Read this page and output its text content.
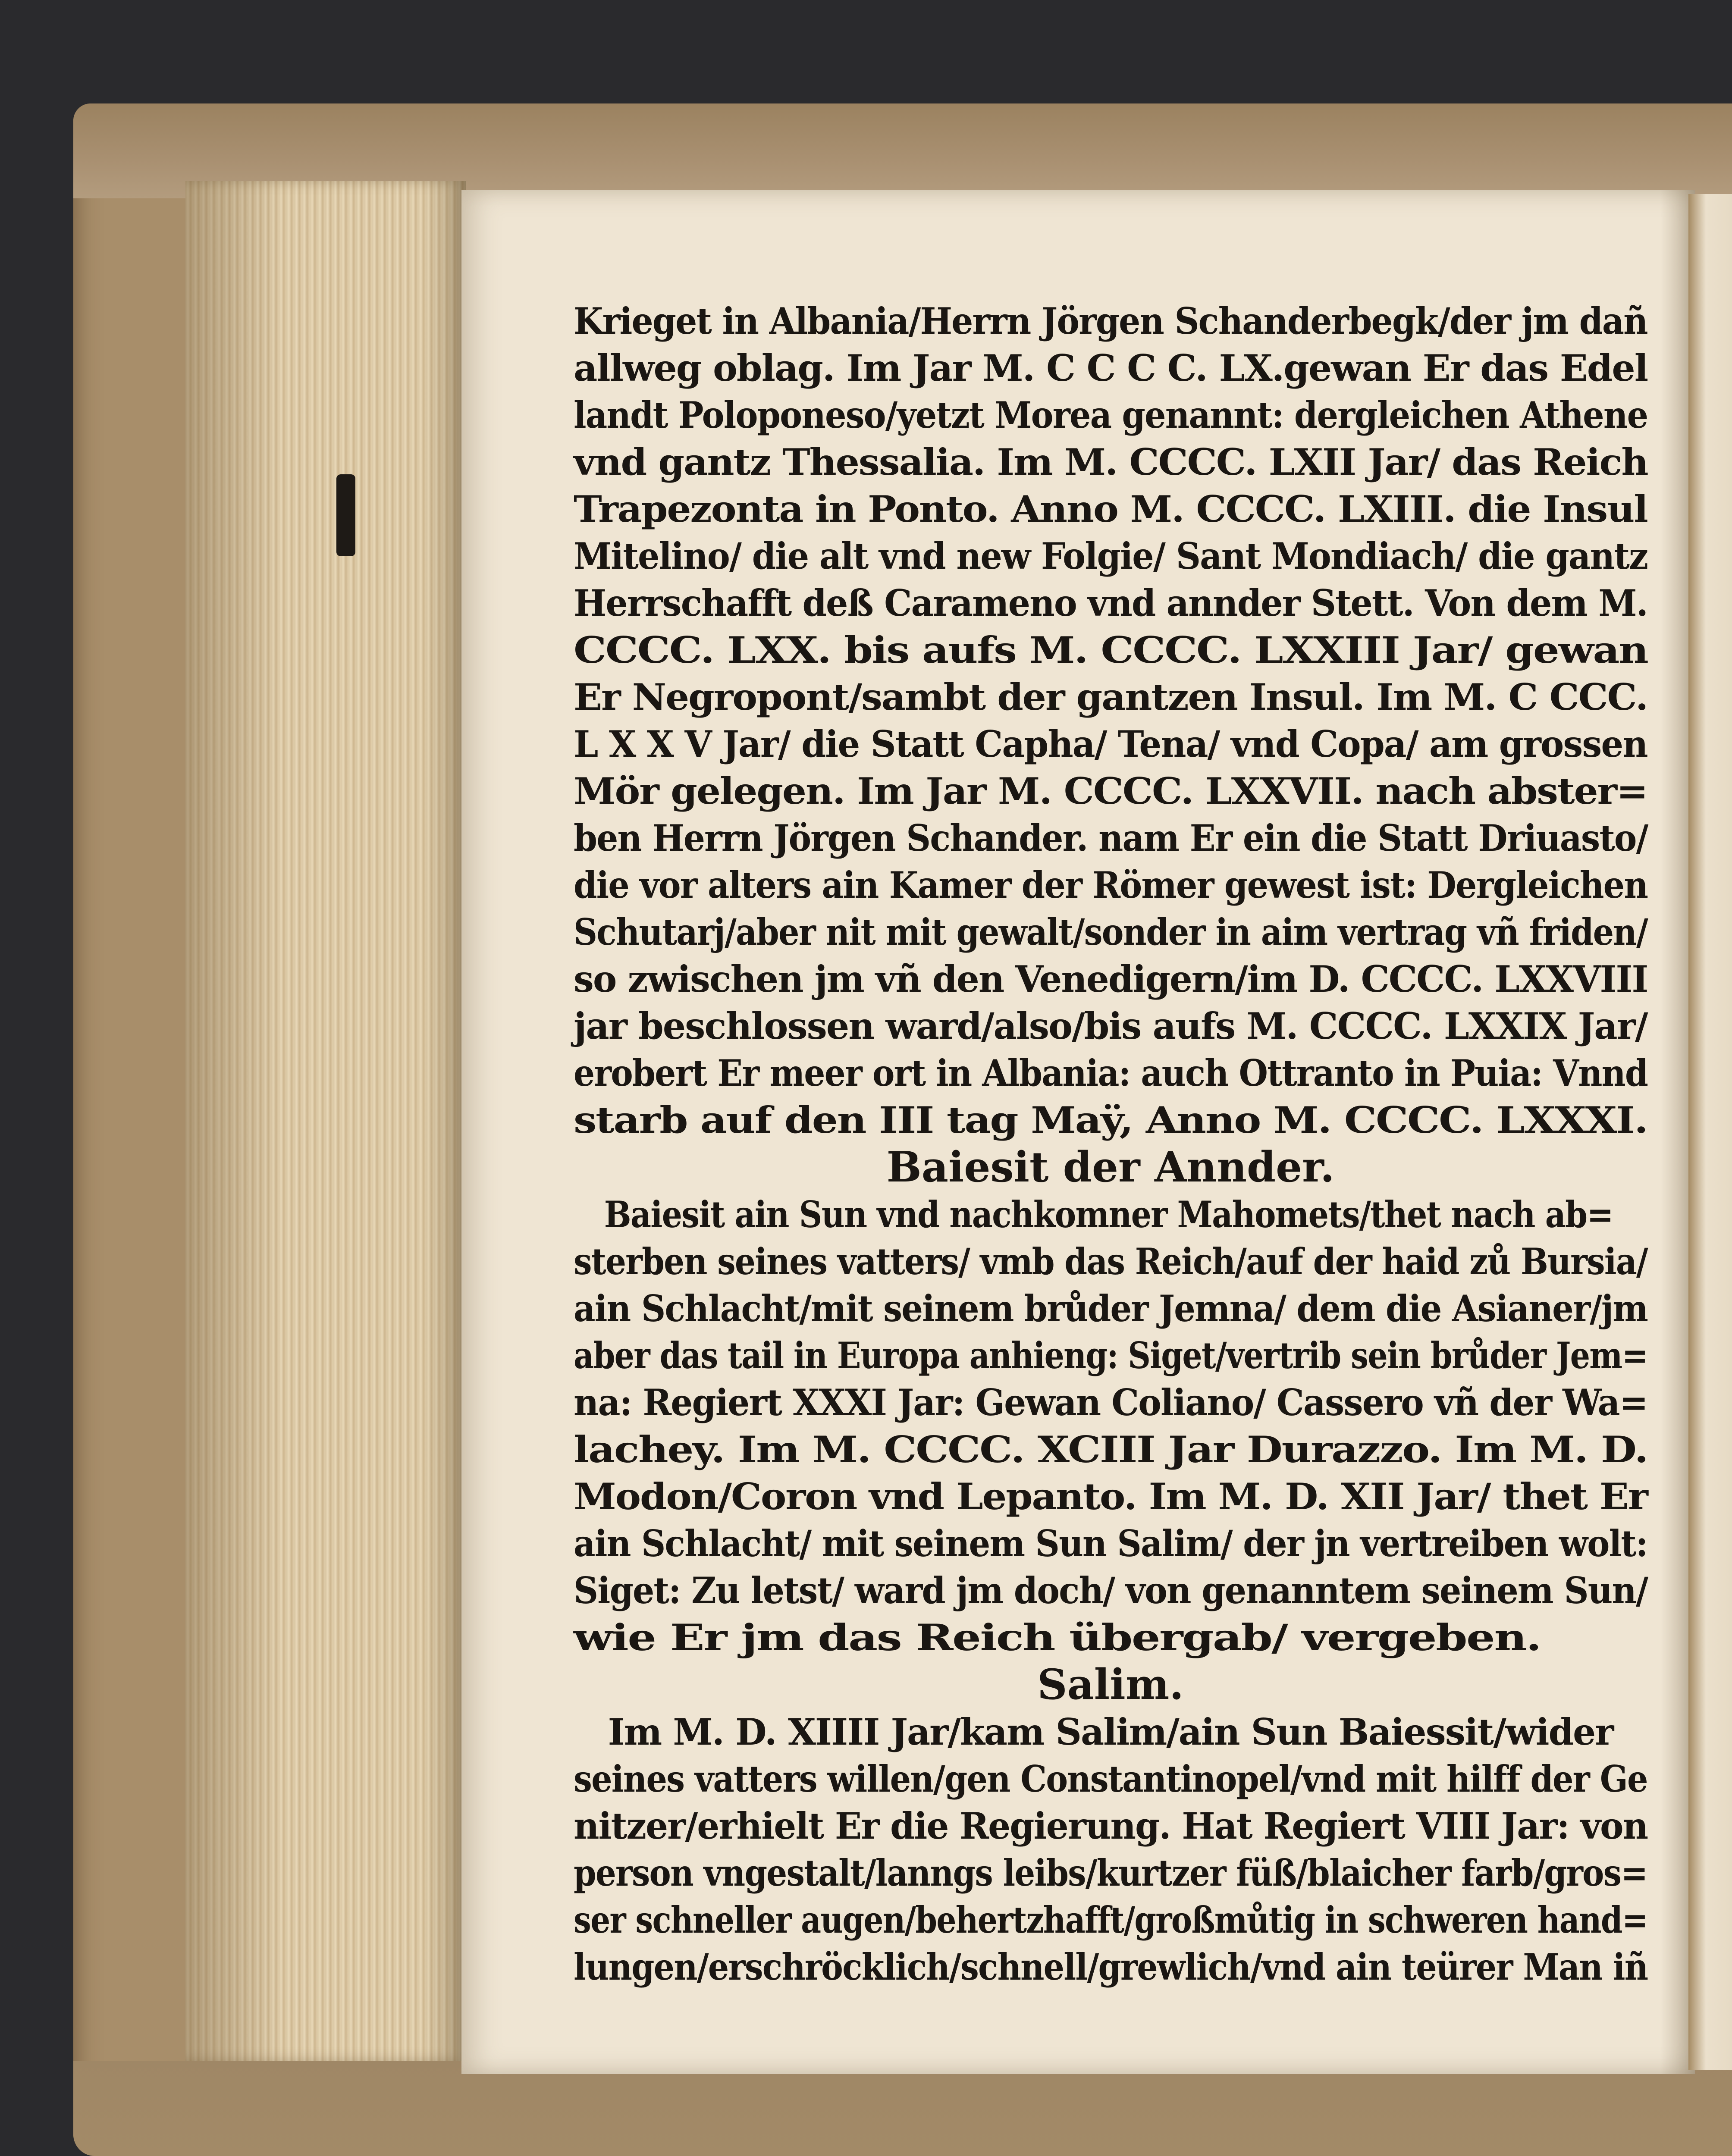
Krieget in Albania/Herrn Jörgen Schanderbegk/der jm dañ
allweg oblag. Im Jar M. C C C C. LX.gewan Er das Edel
landt Poloponeso/yetzt Morea genannt: dergleichen Athene
vnd gantz Thessalia. Im M. CCCC. LXII Jar/ das Reich
Trapezonta in Ponto. Anno M. CCCC. LXIII. die Insul
Mitelino/ die alt vnd new Folgie/ Sant Mondiach/ die gantz
Herrschafft deß Carameno vnd annder Stett. Von dem M.
CCCC. LXX. bis aufs M. CCCC. LXXIII Jar/ gewan
Er Negropont/sambt der gantzen Insul. Im M. C CCC.
L X X V Jar/ die Statt Capha/ Tena/ vnd Copa/ am grossen
Mör gelegen. Im Jar M. CCCC. LXXVII. nach abster=
ben Herrn Jörgen Schander. nam Er ein die Statt Driuasto/
die vor alters ain Kamer der Römer gewest ist: Dergleichen
Schutarj/aber nit mit gewalt/sonder in aim vertrag vñ friden/
so zwischen jm vñ den Venedigern/im D. CCCC. LXXVIII
jar beschlossen ward/also/bis aufs M. CCCC. LXXIX Jar/
erobert Er meer ort in Albania: auch Ottranto in Puia: Vnnd
starb auf den III tag Maÿ, Anno M. CCCC. LXXXI.
Baiesit der Annder.
Baiesit ain Sun vnd nachkomner Mahomets/thet nach ab=
sterben seines vatters/ vmb das Reich/auf der haid zů Bursia/
ain Schlacht/mit seinem brůder Jemna/ dem die Asianer/jm
aber das tail in Europa anhieng: Siget/vertrib sein brůder Jem=
na: Regiert XXXI Jar: Gewan Coliano/ Cassero vñ der Wa=
lachey. Im M. CCCC. XCIII Jar Durazzo. Im M. D.
Modon/Coron vnd Lepanto. Im M. D. XII Jar/ thet Er
ain Schlacht/ mit seinem Sun Salim/ der jn vertreiben wolt:
Siget: Zu letst/ ward jm doch/ von genanntem seinem Sun/
wie Er jm das Reich übergab/ vergeben.
Salim.
Im M. D. XIIII Jar/kam Salim/ain Sun Baiessit/wider
seines vatters willen/gen Constantinopel/vnd mit hilff der Ge
nitzer/erhielt Er die Regierung. Hat Regiert VIII Jar: von
person vngestalt/lanngs leibs/kurtzer füß/blaicher farb/gros=
ser schneller augen/behertzhafft/großmůtig in schweren hand=
lungen/erschröcklich/schnell/grewlich/vnd ain teürer Man iñ
